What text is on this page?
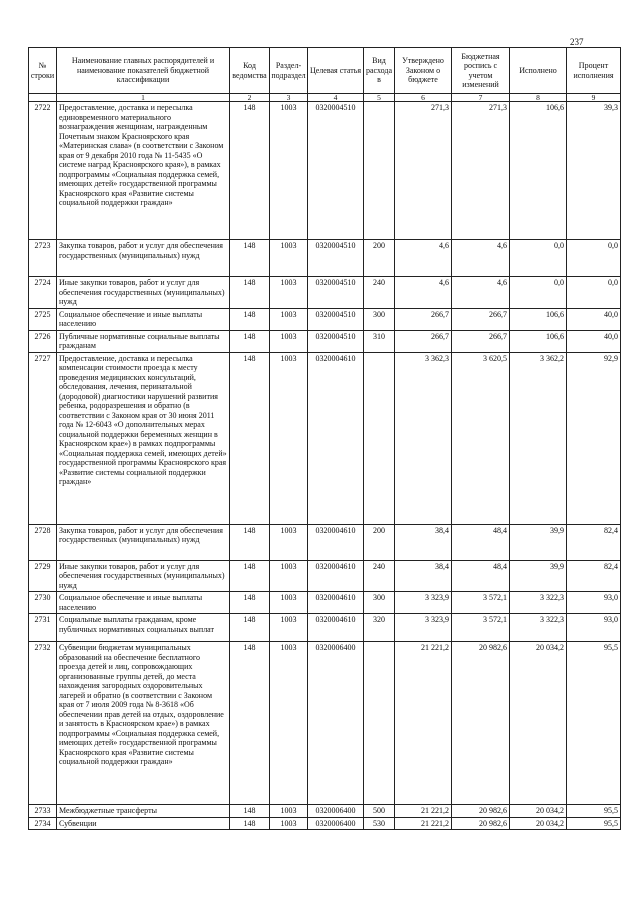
237
№ строки	Наименование главных распорядителей и наименование показателей бюджетной классификации	Код ведомства	Раздел-подраздел	Целевая статья	Вид расхода в	Утверждено Законом о бюджете	Бюджетная роспись с учетом изменений	Исполнено	Процент исполнения
	1	2	3	4	5	6	7	8	9
2722	Предоставление, доставка и пересылка единовременного материального вознаграждения женщинам, награжденным Почетным знаком Красноярского края «Материнская слава» (в соответствии с Законом края от 9 декабря 2010 года № 11-5435 «О системе наград Красноярского края»), в рамках подпрограммы «Социальная поддержка семей, имеющих детей» государственной программы Красноярского края «Развитие системы социальной поддержки граждан»	148	1003	0320004510		271,3	271,3	106,6	39,3
2723	Закупка товаров, работ и услуг для обеспечения государственных (муниципальных) нужд	148	1003	0320004510	200	4,6	4,6	0,0	0,0
2724	Иные закупки товаров, работ и услуг для обеспечения государственных (муниципальных) нужд	148	1003	0320004510	240	4,6	4,6	0,0	0,0
2725	Социальное обеспечение и иные выплаты населению	148	1003	0320004510	300	266,7	266,7	106,6	40,0
2726	Публичные нормативные социальные выплаты гражданам	148	1003	0320004510	310	266,7	266,7	106,6	40,0
2727	Предоставление, доставка и пересылка компенсации стоимости проезда к месту проведения медицинских консультаций, обследования, лечения, перинатальной (дородовой) диагностики нарушений развития ребенка, родоразрешения и обратно (в соответствии с Законом края от 30 июня 2011 года № 12-6043 «О дополнительных мерах социальной поддержки беременных женщин в Красноярском крае») в рамках подпрограммы «Социальная поддержка семей, имеющих детей» государственной программы Красноярского края «Развитие системы социальной поддержки граждан»	148	1003	0320004610		3 362,3	3 620,5	3 362,2	92,9
2728	Закупка товаров, работ и услуг для обеспечения государственных (муниципальных) нужд	148	1003	0320004610	200	38,4	48,4	39,9	82,4
2729	Иные закупки товаров, работ и услуг для обеспечения государственных (муниципальных) нужд	148	1003	0320004610	240	38,4	48,4	39,9	82,4
2730	Социальное обеспечение и иные выплаты населению	148	1003	0320004610	300	3 323,9	3 572,1	3 322,3	93,0
2731	Социальные выплаты гражданам, кроме публичных нормативных социальных выплат	148	1003	0320004610	320	3 323,9	3 572,1	3 322,3	93,0
2732	Субвенции бюджетам муниципальных образований на обеспечение бесплатного проезда детей и лиц, сопровождающих организованные группы детей, до места нахождения загородных оздоровительных лагерей и обратно (в соответствии с Законом края от 7 июля 2009 года № 8-3618 «Об обеспечении прав детей на отдых, оздоровление и занятость в Красноярском крае») в рамках подпрограммы «Социальная поддержка семей, имеющих детей» государственной программы Красноярского края «Развитие системы социальной поддержки граждан»	148	1003	0320006400		21 221,2	20 982,6	20 034,2	95,5
2733	Межбюджетные трансферты	148	1003	0320006400	500	21 221,2	20 982,6	20 034,2	95,5
2734	Субвенции	148	1003	0320006400	530	21 221,2	20 982,6	20 034,2	95,5
